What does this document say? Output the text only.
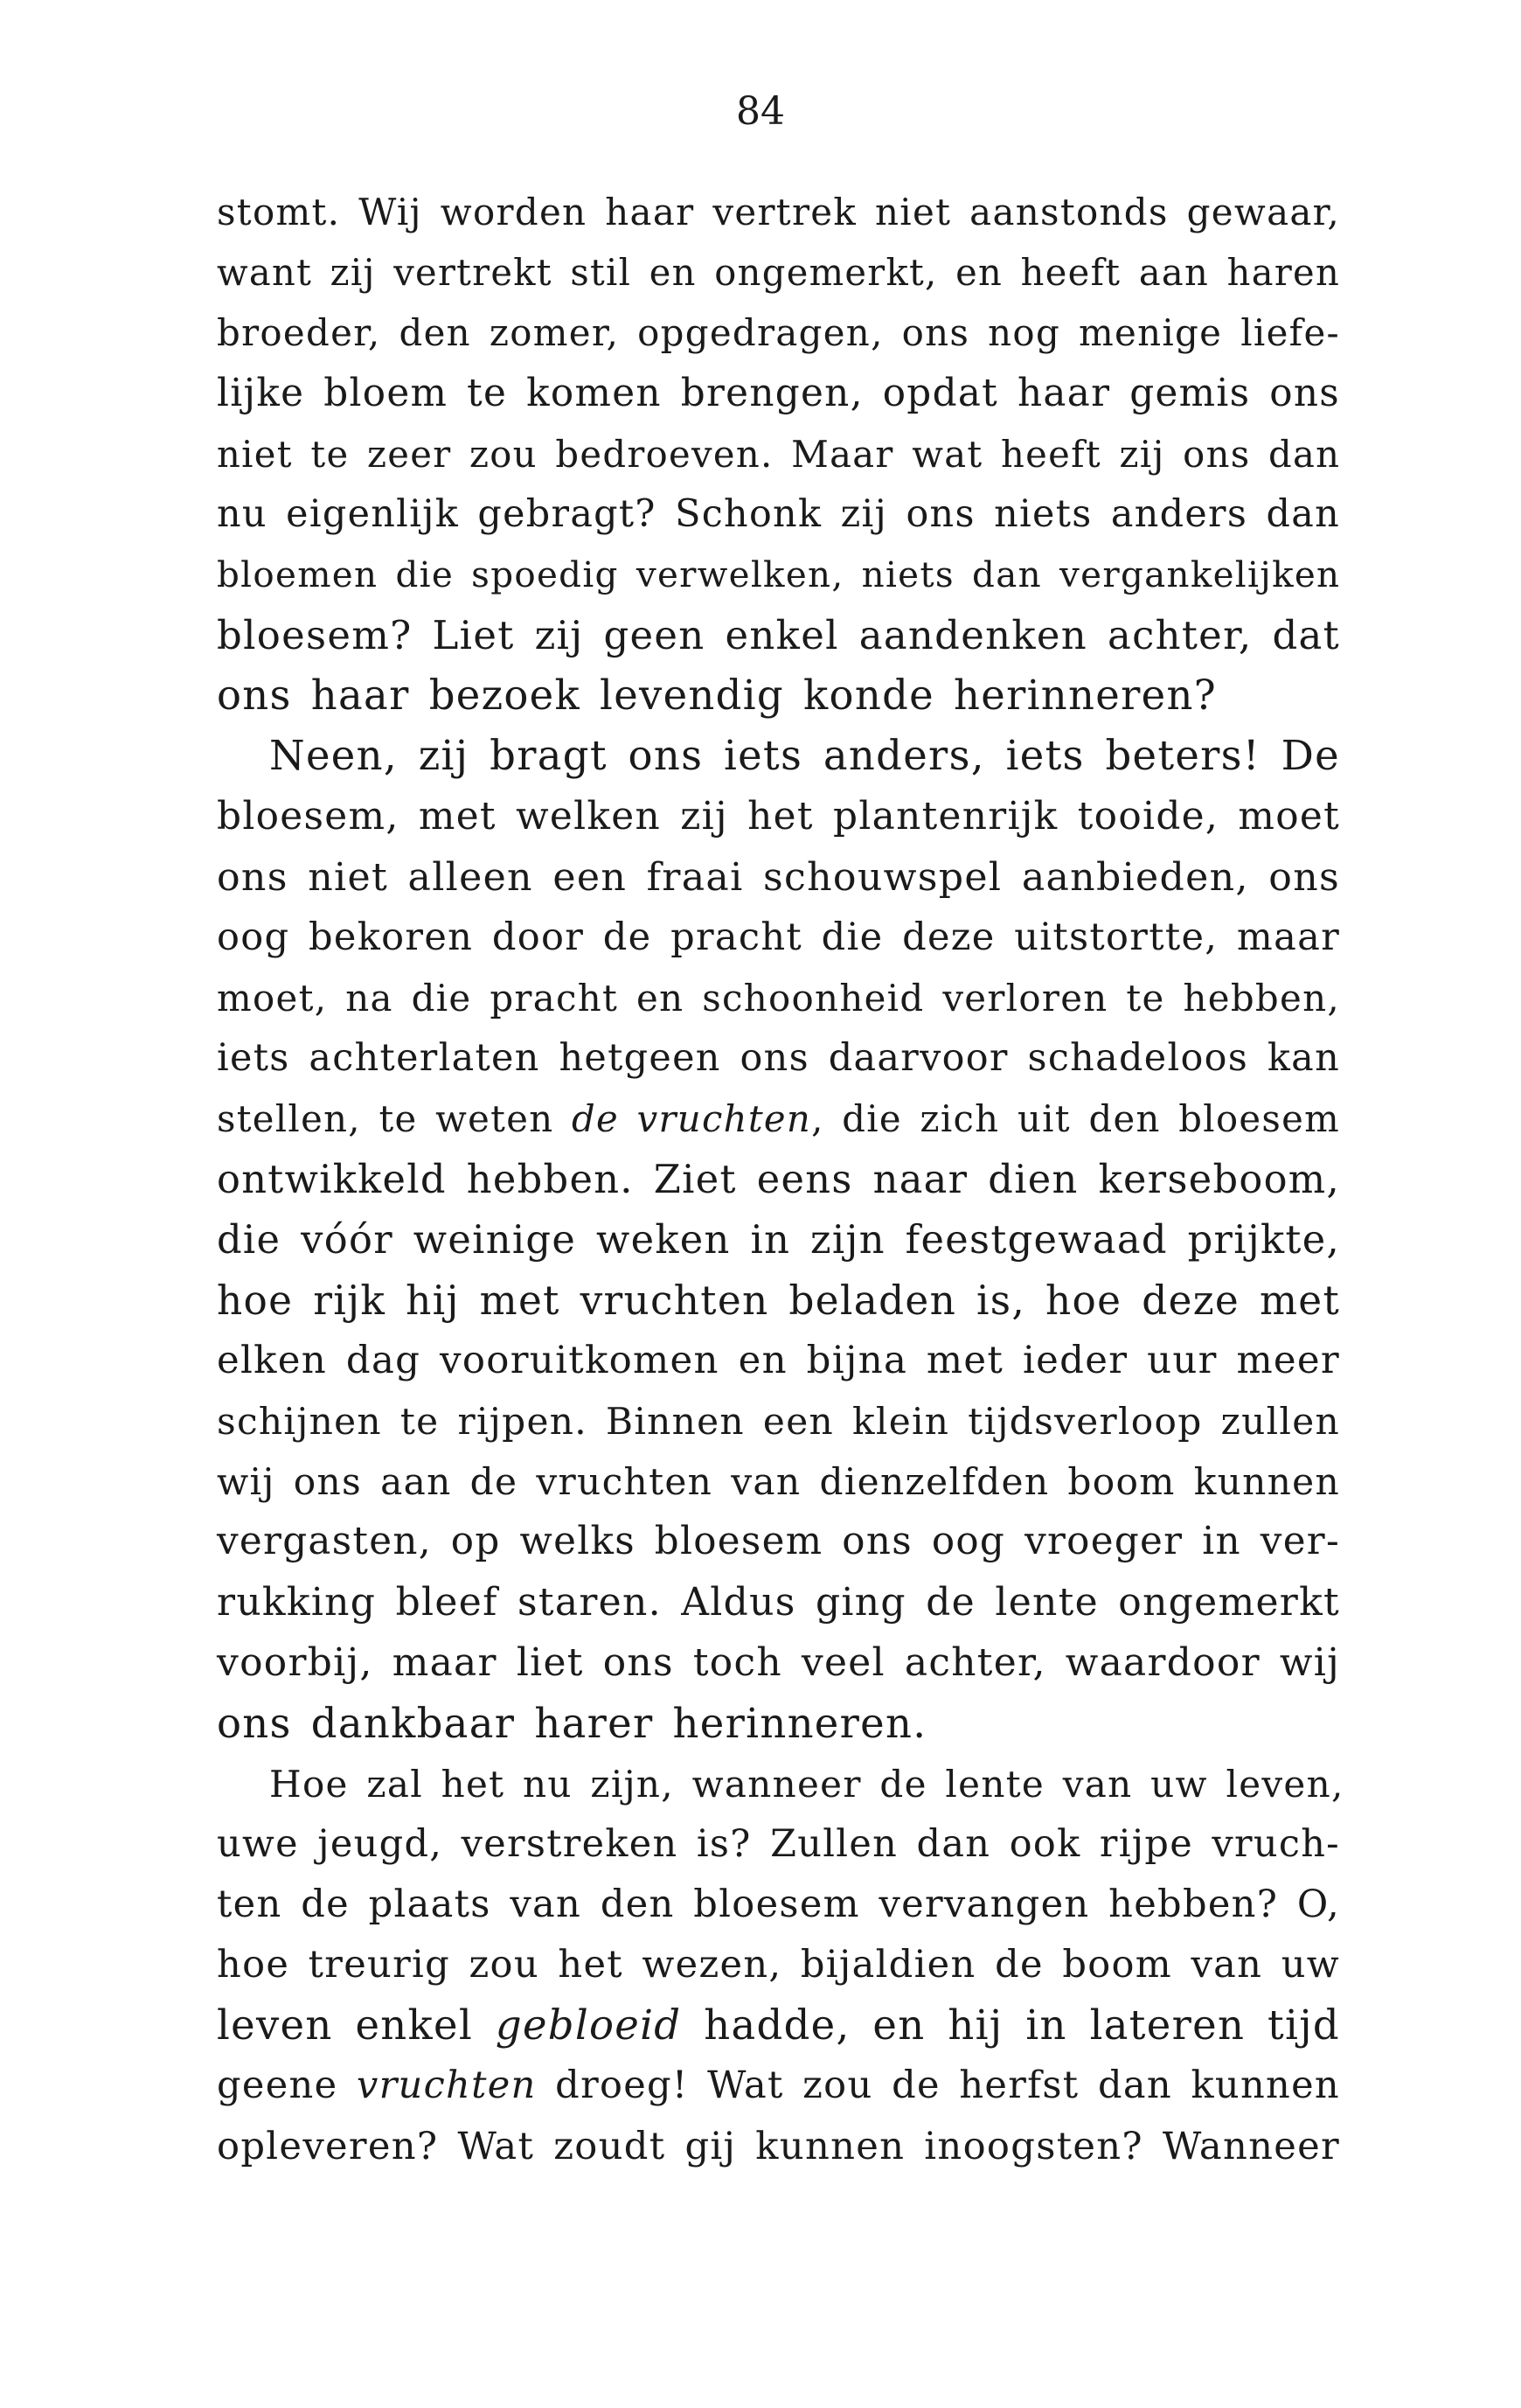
84
stomt. Wij worden haar vertrek niet aanstonds gewaar,
want zij vertrekt stil en ongemerkt, en heeft aan haren
broeder, den zomer, opgedragen, ons nog menige liefe-
lijke bloem te komen brengen, opdat haar gemis ons
niet te zeer zou bedroeven. Maar wat heeft zij ons dan
nu eigenlijk gebragt? Schonk zij ons niets anders dan
bloemen die spoedig verwelken, niets dan vergankelijken
bloesem? Liet zij geen enkel aandenken achter, dat
ons haar bezoek levendig konde herinneren?
Neen, zij bragt ons iets anders, iets beters! De
bloesem, met welken zij het plantenrijk tooide, moet
ons niet alleen een fraai schouwspel aanbieden, ons
oog bekoren door de pracht die deze uitstortte, maar
moet, na die pracht en schoonheid verloren te hebben,
iets achterlaten hetgeen ons daarvoor schadeloos kan
stellen, te weten de vruchten, die zich uit den bloesem
ontwikkeld hebben. Ziet eens naar dien kerseboom,
die vóór weinige weken in zijn feestgewaad prijkte,
hoe rijk hij met vruchten beladen is, hoe deze met
elken dag vooruitkomen en bijna met ieder uur meer
schijnen te rijpen. Binnen een klein tijdsverloop zullen
wij ons aan de vruchten van dienzelfden boom kunnen
vergasten, op welks bloesem ons oog vroeger in ver-
rukking bleef staren. Aldus ging de lente ongemerkt
voorbij, maar liet ons toch veel achter, waardoor wij
ons dankbaar harer herinneren.
Hoe zal het nu zijn, wanneer de lente van uw leven,
uwe jeugd, verstreken is? Zullen dan ook rijpe vruch-
ten de plaats van den bloesem vervangen hebben? O,
hoe treurig zou het wezen, bijaldien de boom van uw
leven enkel gebloeid hadde, en hij in lateren tijd
geene vruchten droeg! Wat zou de herfst dan kunnen
opleveren? Wat zoudt gij kunnen inoogsten? Wanneer
